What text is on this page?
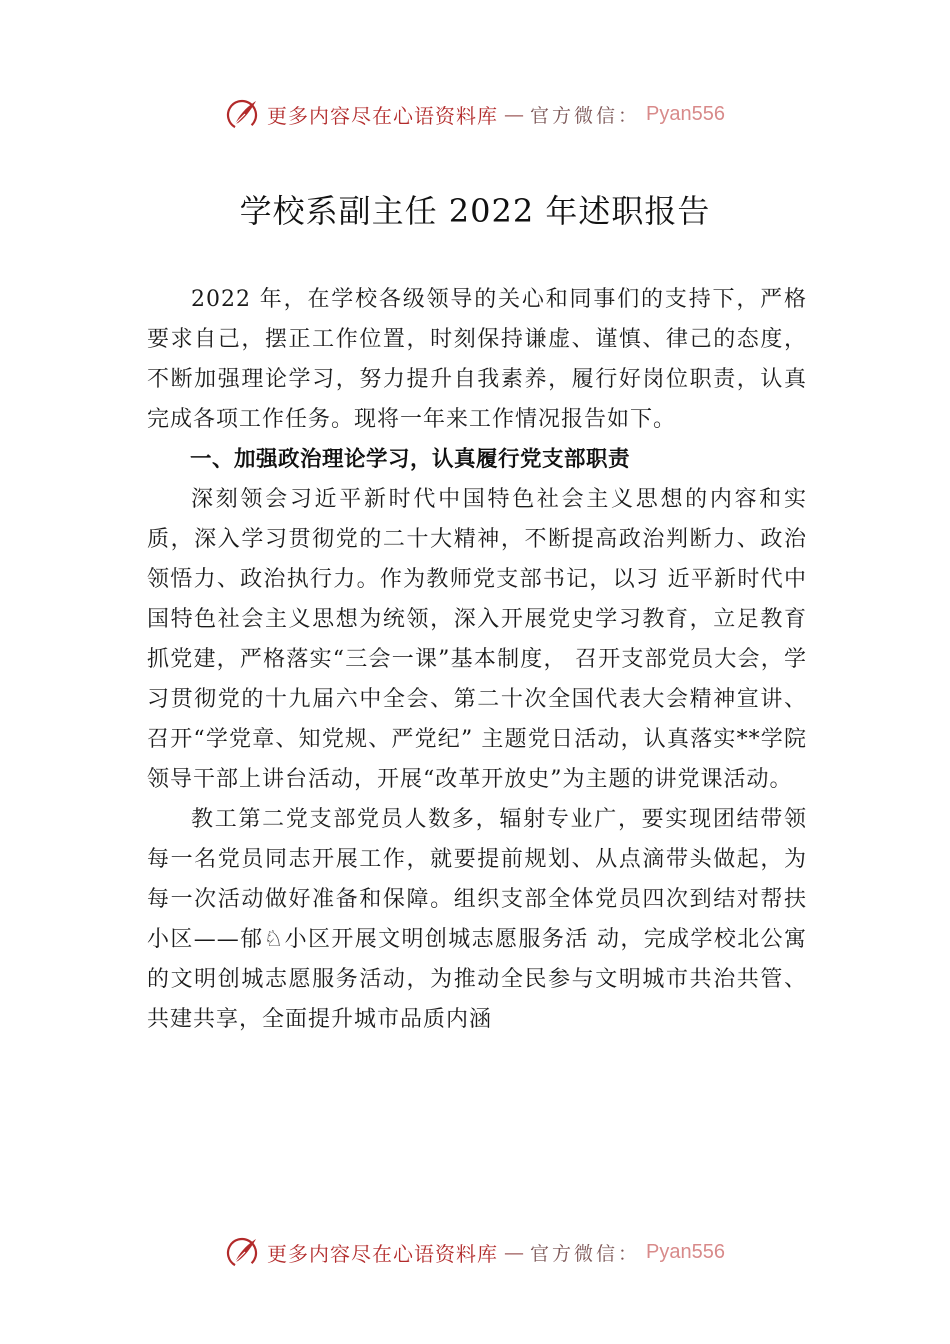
更多内容尽在心语资料库 — 官方微信： Pyan556
学校系副主任 2022 年述职报告

2022 年，在学校各级领导的关心和同事们的支持下，严格要求自己，摆正工作位置，时刻保持谦虚、谨慎、律己的态度，不断加强理论学习，努力提升自我素养，履行好岗位职责，认真完成各项工作任务。现将一年来工作情况报告如下。

一、加强政治理论学习，认真履行党支部职责

深刻领会习近平新时代中国特色社会主义思想的内容和实质，深入学习贯彻党的二十大精神，不断提高政治判断力、政治领悟力、政治执行力。作为教师党支部书记，以习 近平新时代中国特色社会主义思想为统领，深入开展党史学习教育，立足教育抓党建，严格落实“三会一课”基本制度， 召开支部党员大会，学习贯彻党的十九届六中全会、第二十次全国代表大会精神宣讲、召开“学党章、知党规、严党纪” 主题党日活动，认真落实**学院领导干部上讲台活动，开展“改革开放史”为主题的讲党课活动。

教工第二党支部党员人数多，辐射专业广，要实现团结带领每一名党员同志开展工作，就要提前规划、从点滴带头做起，为每一次活动做好准备和保障。组织支部全体党员四次到结对帮扶小区——郁♘小区开展文明创城志愿服务活 动，完成学校北公寓的文明创城志愿服务活动，为推动全民参与文明城市共治共管、共建共享，全面提升城市品质内涵

更多内容尽在心语资料库 — 官方微信： Pyan556
